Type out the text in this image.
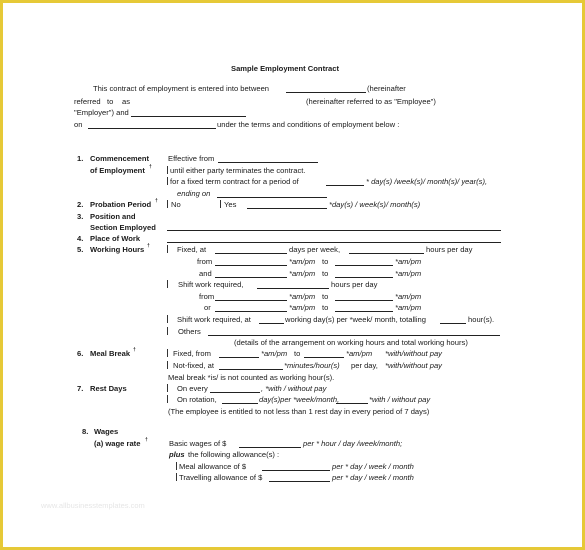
Sample Employment Contract
This contract of employment is entered into between	(hereinafter
referred to as	(hereinafter referred to as "Employee")
"Employer") and
on	under the terms and conditions of employment below :
1. Commencement
of Employment †
Effective from
until either party terminates the contract.
for a fixed term contract for a period of	* day(s) /week(s)/ month(s)/ year(s),
ending on
2. Probation Period † No	Yes	*day(s) / week(s)/ month(s)
3. Position and
Section Employed
4. Place of Work
5. Working Hours †	Fixed, at	days per week,	hours per day
from	*am/pm to	*am/pm
and	*am/pm to	*am/pm
Shift work required,	hours per day
from	*am/pm to	*am/pm
or	*am/pm to	*am/pm
Shift work required, at	working day(s) per *week/ month, totalling	hour(s).
Others
(details of the arrangement on working hours and total working hours)
6. Meal Break †	Fixed, from	*am/pm to	*am/pm *with/without pay
Not-fixed, at	*minutes/hour(s) per day, *with/without pay
Meal break *is/ is not counted as working hour(s).
7. Rest Days	On every	, *with / without pay
On rotation,	day(s)per *week/month,	*with / without pay
(The employee is entitled to not less than 1 rest day in every period of 7 days)
8. Wages
(a) wage rate †	Basic wages of $	per * hour / day /week/month;
plus the following allowance(s) :
Meal allowance of $	per * day / week / month
Travelling allowance of $	per * day / week / month
www.allbusinesstemplates.com
